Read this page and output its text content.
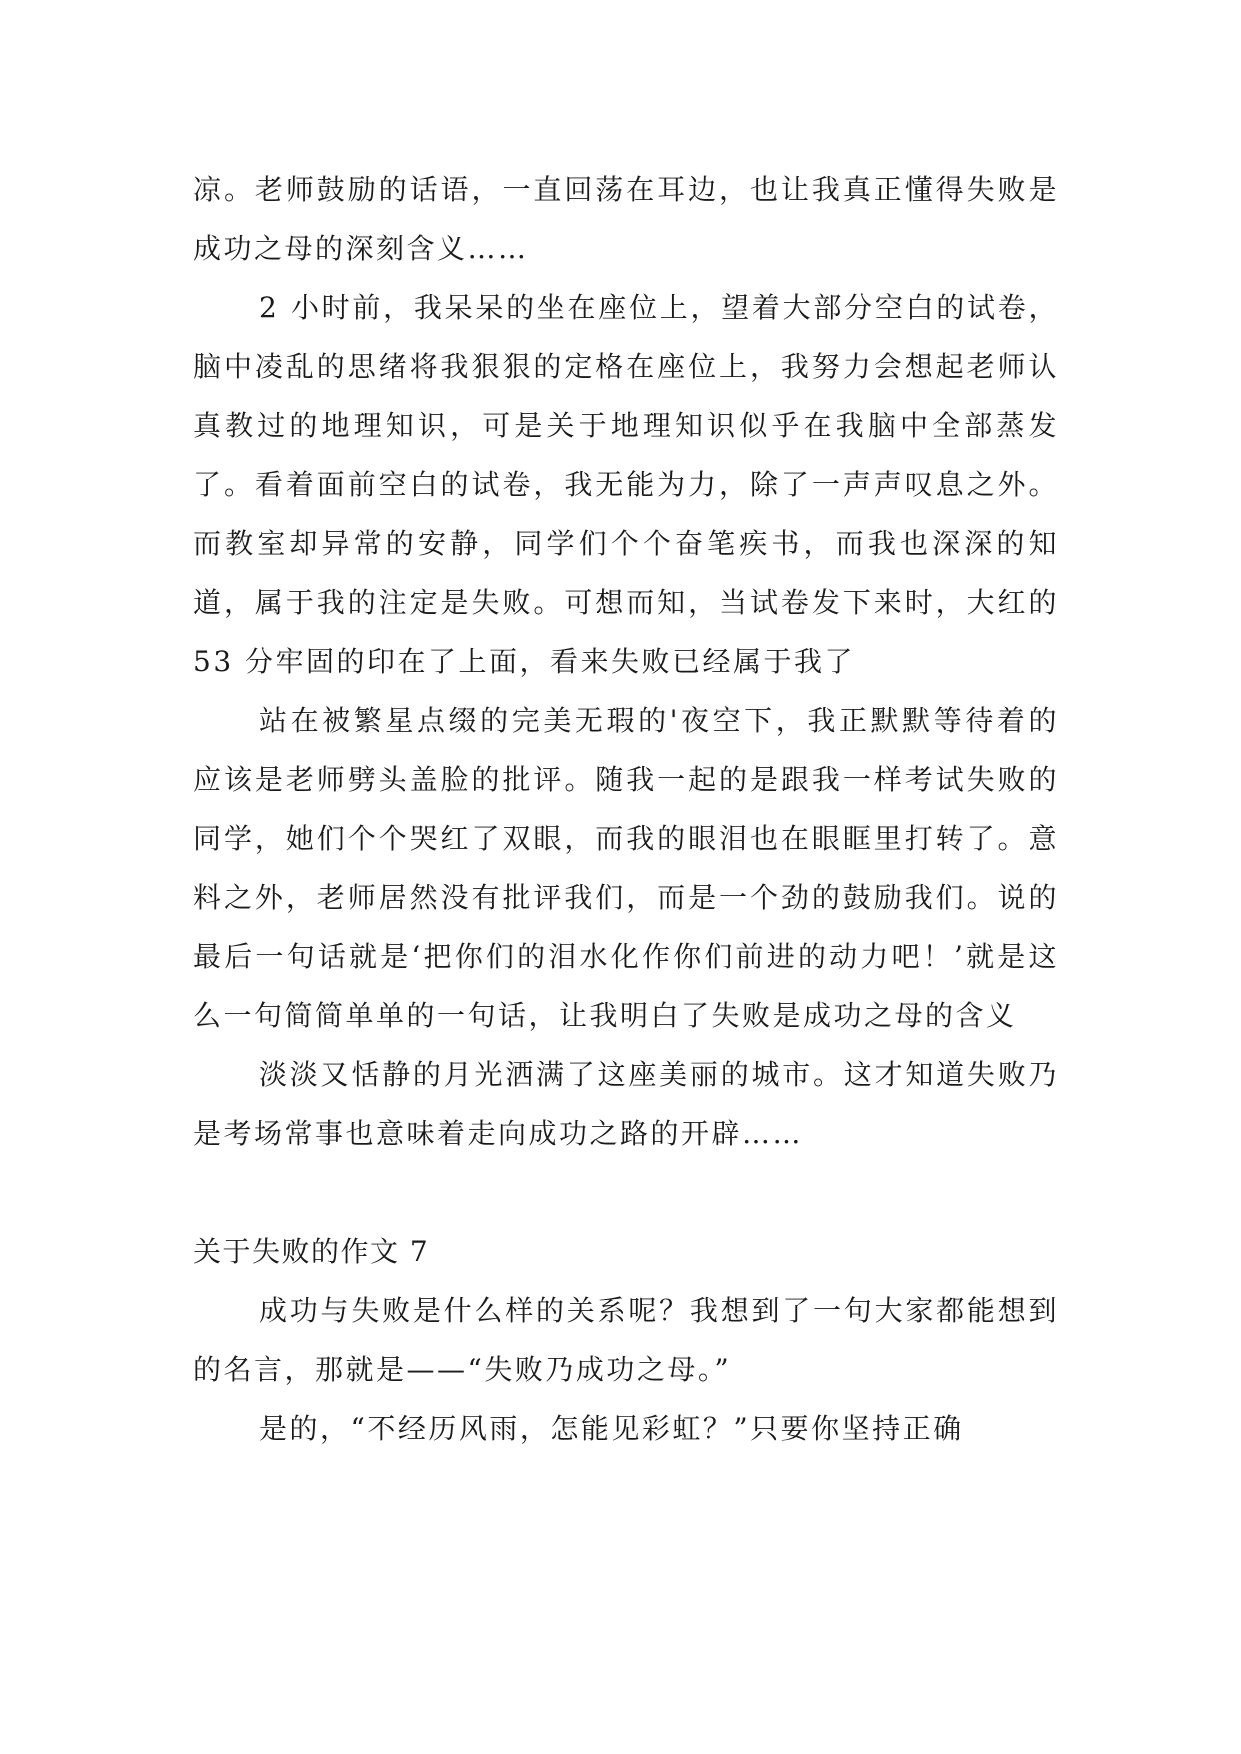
凉。老师鼓励的话语，一直回荡在耳边，也让我真正懂得失败是成功之母的深刻含义……

2 小时前，我呆呆的坐在座位上，望着大部分空白的试卷，脑中凌乱的思绪将我狠狠的定格在座位上，我努力会想起老师认真教过的地理知识，可是关于地理知识似乎在我脑中全部蒸发了。看着面前空白的试卷，我无能为力，除了一声声叹息之外。而教室却异常的安静，同学们个个奋笔疾书，而我也深深的知道，属于我的注定是失败。可想而知，当试卷发下来时，大红的 53 分牢固的印在了上面，看来失败已经属于我了

站在被繁星点缀的完美无瑕的'夜空下，我正默默等待着的应该是老师劈头盖脸的批评。随我一起的是跟我一样考试失败的同学，她们个个哭红了双眼，而我的眼泪也在眼眶里打转了。意料之外，老师居然没有批评我们，而是一个劲的鼓励我们。说的最后一句话就是‘把你们的泪水化作你们前进的动力吧！’就是这么一句简简单单的一句话，让我明白了失败是成功之母的含义

淡淡又恬静的月光洒满了这座美丽的城市。这才知道失败乃是考场常事也意味着走向成功之路的开辟……

关于失败的作文 7

成功与失败是什么样的关系呢？我想到了一句大家都能想到的名言，那就是——“失败乃成功之母。”

是的，“不经历风雨，怎能见彩虹？”只要你坚持正确
